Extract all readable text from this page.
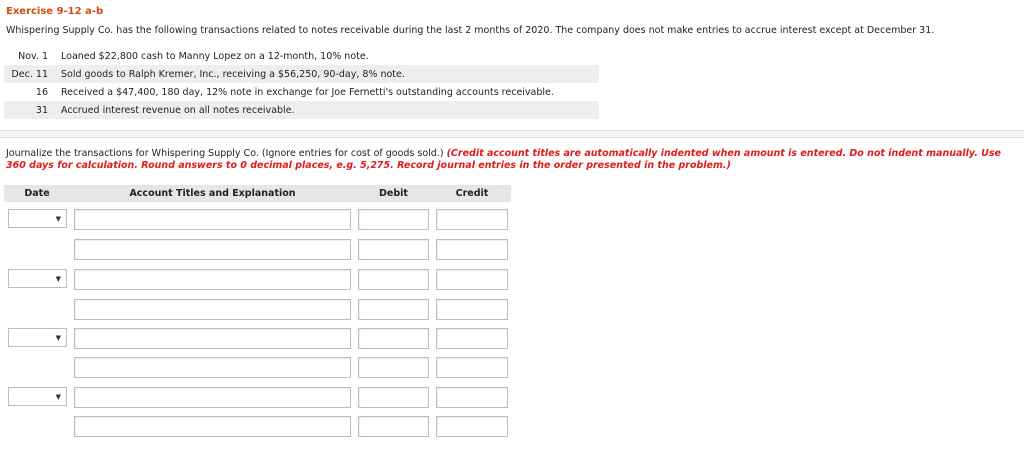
Exercise 9-12 a-b
Whispering Supply Co. has the following transactions related to notes receivable during the last 2 months of 2020. The company does not make entries to accrue interest except at December 31.
Nov. 1	Loaned $22,800 cash to Manny Lopez on a 12-month, 10% note.
Dec. 11	Sold goods to Ralph Kremer, Inc., receiving a $56,250, 90-day, 8% note.
16	Received a $47,400, 180 day, 12% note in exchange for Joe Fernetti's outstanding accounts receivable.
31	Accrued interest revenue on all notes receivable.
Journalize the transactions for Whispering Supply Co. (Ignore entries for cost of goods sold.) (Credit account titles are automatically indented when amount is entered. Do not indent manually. Use 360 days for calculation. Round answers to 0 decimal places, e.g. 5,275. Record journal entries in the order presented in the problem.)
Date	Account Titles and Explanation	Debit	Credit
▼
▼
▼
▼
